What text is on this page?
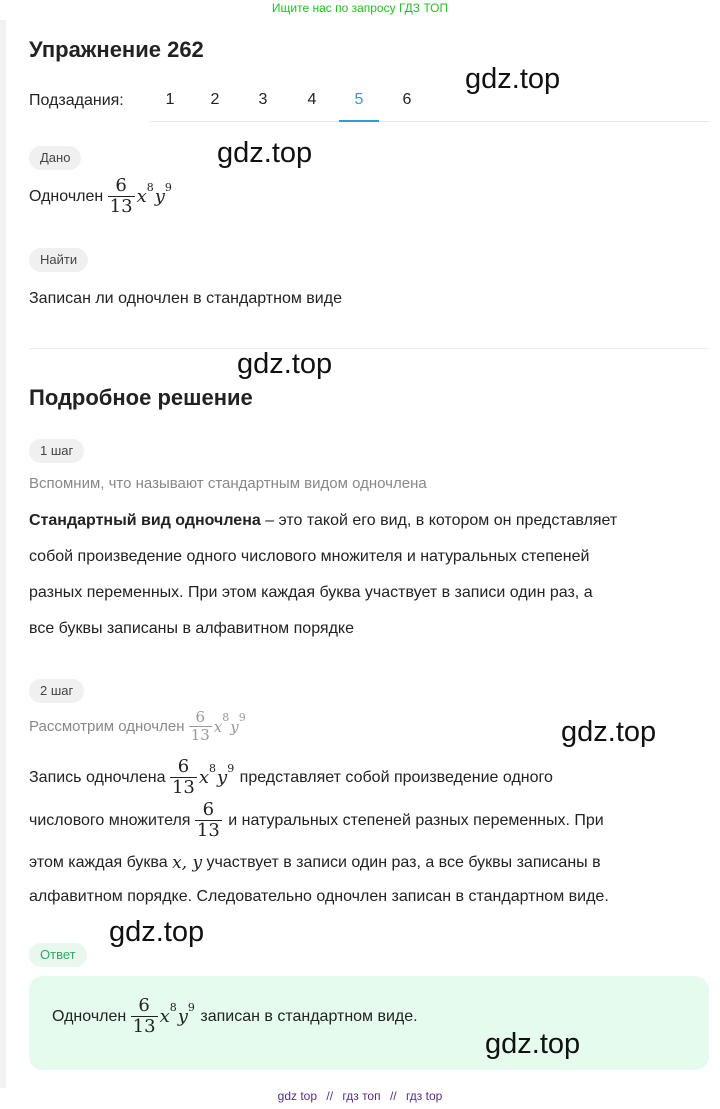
Ищите нас по запросу ГДЗ ТОП
Упражнение 262
Подзадания:	1	2	3	4	5	6
Дано
Одночлен
$\frac{6}{13}$ x 8 y 9
Найти
Записан ли одночлен в стандартном виде
Подробное решение
1 шаг
Вспомним, что называют стандартным видом одночлена
Стандартный вид одночлена – это такой его вид, в котором он представляет
собой произведение одного числового множителя и натуральных степеней
разных переменных. При этом каждая буква участвует в записи один раз, а
все буквы записаны в алфавитном порядке
2 шаг
Рассмотрим одночлен
$\frac{6}{13}$ x 8 y 9
Запись одночлена
$\frac{6}{13}$ x 8 y 9
представляет собой произведение одного
числового множителя
$\frac{6}{13}$
и натуральных степеней разных переменных. При
этом каждая буква
x, y
участвует в записи один раз, а все буквы записаны в
алфавитном порядке. Следовательно одночлен записан в стандартном виде.
Ответ
Одночлен
$\frac{6}{13}$ x 8 y 9
записан в стандартном виде.
gdz.top
gdz.top
gdz.top
gdz.top
gdz.top
gdz.top
gdz top // гдз топ // гдз top
